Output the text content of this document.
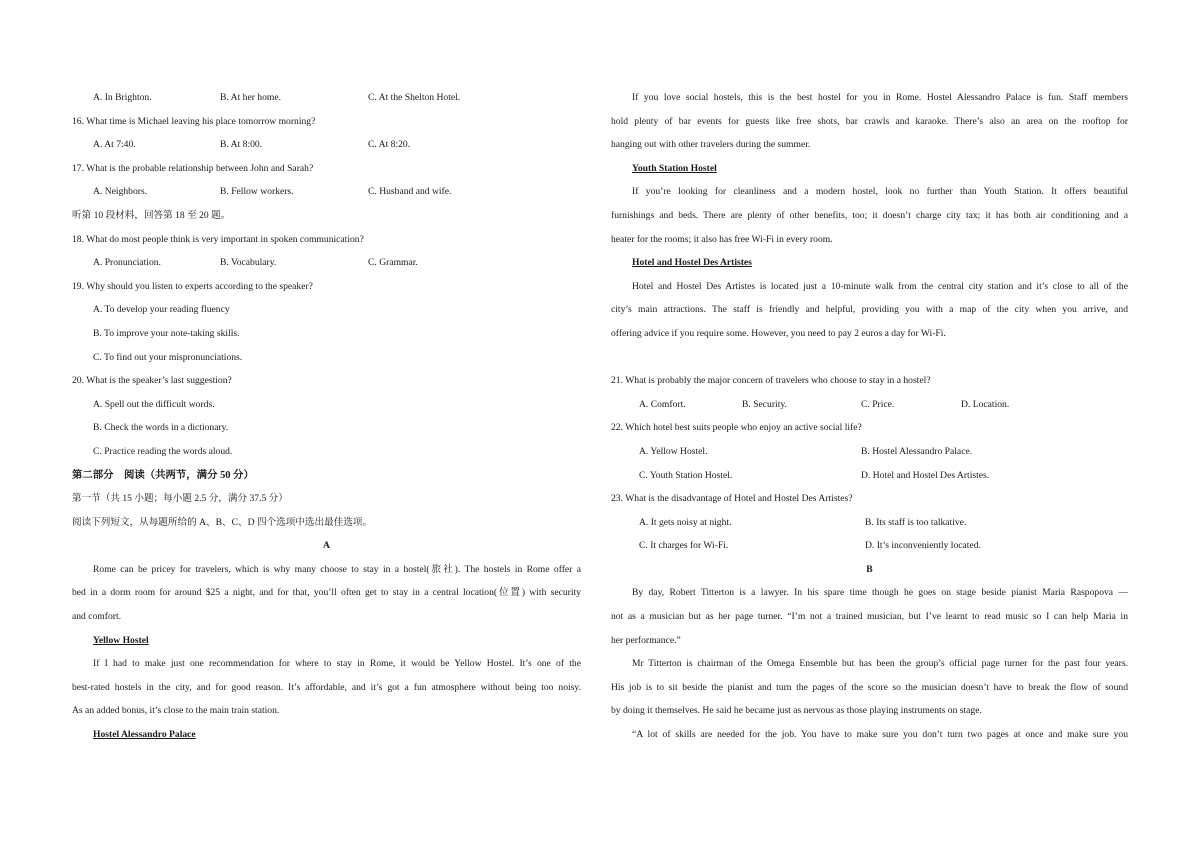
A. In Brighton.	B. At her home.	C. At the Shelton Hotel.
16. What time is Michael leaving his place tomorrow morning?
A. At 7:40.	B. At 8:00.	C. At 8:20.
17. What is the probable relationship between John and Sarah?
A. Neighbors.	B. Fellow workers.	C. Husband and wife.
听第 10 段材料，回答第 18 至 20 题。
18. What do most people think is very important in spoken communication?
A. Pronunciation.	B. Vocabulary.	C. Grammar.
19. Why should you listen to experts according to the speaker?
A. To develop your reading fluency
B. To improve your note-taking skills.
C. To find out your mispronunciations.
20. What is the speaker’s last suggestion?
A. Spell out the difficult words.
B. Check the words in a dictionary.
C. Practice reading the words aloud.
第二部分　阅读（共两节，满分 50 分）
第一节（共 15 小题；每小题 2.5 分，满分 37.5 分）
阅读下列短文，从每题所给的 A、B、C、D 四个选项中选出最佳选项。
A
Rome can be pricey for travelers, which is why many choose to stay in a hostel(旅社). The hostels in Rome offer a
bed in a dorm room for around $25 a night, and for that, you’ll often get to stay in a central location(位置) with security
and comfort.
Yellow Hostel
If I had to make just one recommendation for where to stay in Rome, it would be Yellow Hostel. It’s one of the
best-rated hostels in the city, and for good reason. It’s affordable, and it’s got a fun atmosphere without being too noisy.
As an added bonus, it’s close to the main train station.
Hostel Alessandro Palace
If you love social hostels, this is the best hostel for you in Rome. Hostel Alessandro Palace is fun. Staff members
hold plenty of bar events for guests like free shots, bar crawls and karaoke. There’s also an area on the rooftop for
hanging out with other travelers during the summer.
Youth Station Hostel
If you’re looking for cleanliness and a modern hostel, look no further than Youth Station. It offers beautiful
furnishings and beds. There are plenty of other benefits, too; it doesn’t charge city tax; it has both air conditioning and a
heater for the rooms; it also has free Wi-Fi in every room.
Hotel and Hostel Des Artistes
Hotel and Hostel Des Artistes is located just a 10-minute walk from the central city station and it’s close to all of the
city’s main attractions. The staff is friendly and helpful, providing you with a map of the city when you arrive, and
offering advice if you require some. However, you need to pay 2 euros a day for Wi-Fi.
21. What is probably the major concern of travelers who choose to stay in a hostel?
A. Comfort.	B. Security.	C. Price.	D. Location.
22. Which hotel best suits people who enjoy an active social life?
A. Yellow Hostel.	B. Hostel Alessandro Palace.
C. Youth Station Hostel.	D. Hotel and Hostel Des Artistes.
23. What is the disadvantage of Hotel and Hostel Des Artistes?
A. It gets noisy at night.	B. Its staff is too talkative.
C. It charges for Wi-Fi.	D. It’s inconveniently located.
B
By day, Robert Titterton is a lawyer. In his spare time though he goes on stage beside pianist Maria Raspopova —
not as a musician but as her page turner. “I’m not a trained musician, but I’ve learnt to read music so I can help Maria in
her performance.”
Mr Titterton is chairman of the Omega Ensemble but has been the group’s official page turner for the past four years.
His job is to sit beside the pianist and turn the pages of the score so the musician doesn’t have to break the flow of sound
by doing it themselves. He said he became just as nervous as those playing instruments on stage.
“A lot of skills are needed for the job. You have to make sure you don’t turn two pages at once and make sure you
